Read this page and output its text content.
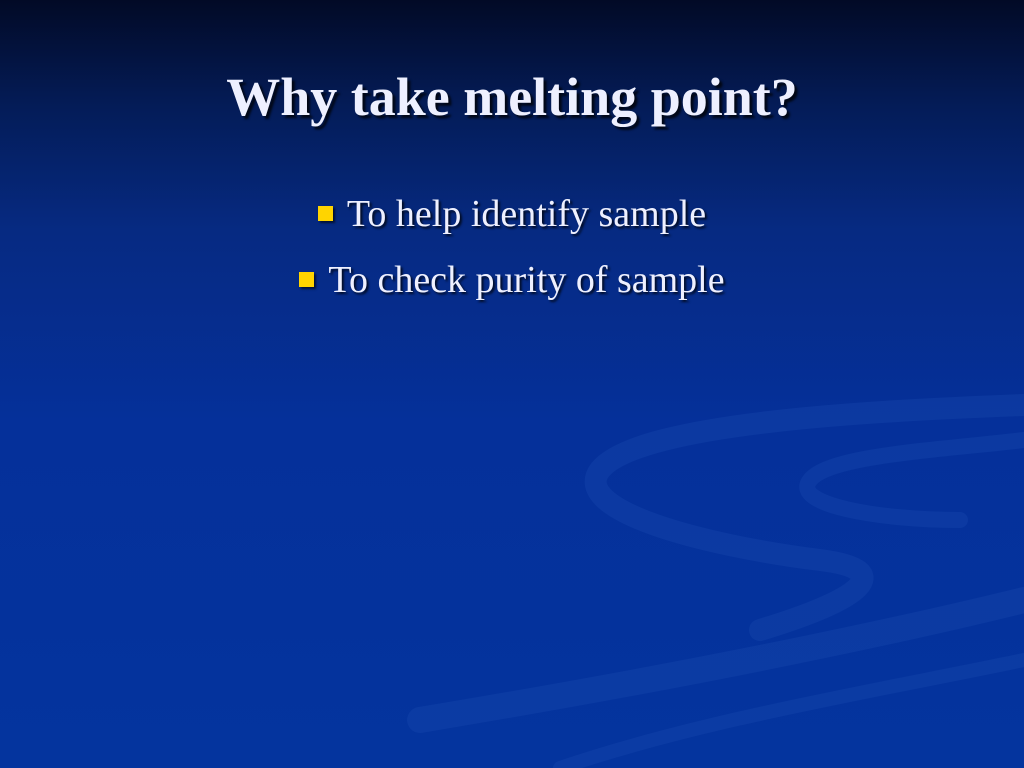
Why take melting point?
To help identify sample
To check purity of sample
